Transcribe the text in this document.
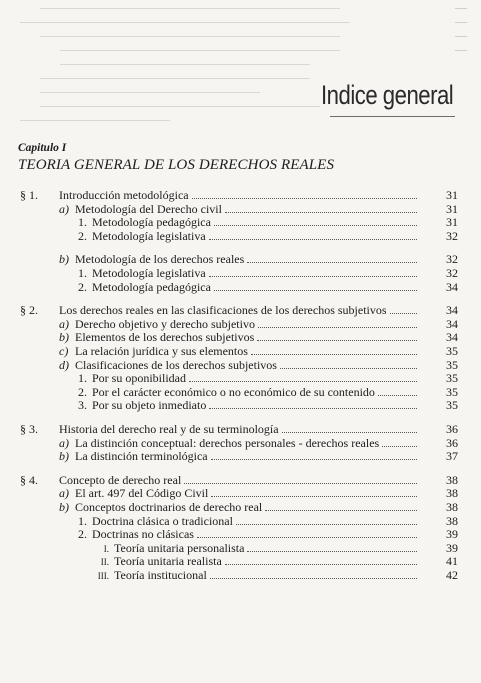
Indice general
Capitulo I
TEORIA GENERAL DE LOS DERECHOS REALES
§ 1. Introducción metodológica	31
a) Metodología del Derecho civil	31
1. Metodología pedagógica	31
2. Metodología legislativa	32
b) Metodología de los derechos reales	32
1. Metodología legislativa	32
2. Metodología pedagógica	34
§ 2. Los derechos reales en las clasificaciones de los derechos subjetivos	34
a) Derecho objetivo y derecho subjetivo	34
b) Elementos de los derechos subjetivos	34
c) La relación jurídica y sus elementos	35
d) Clasificaciones de los derechos subjetivos	35
1. Por su oponibilidad	35
2. Por el carácter económico o no económico de su contenido	35
3. Por su objeto inmediato	35
§ 3. Historia del derecho real y de su terminología	36
a) La distinción conceptual: derechos personales - derechos reales	36
b) La distinción terminológica	37
§ 4. Concepto de derecho real	38
a) El art. 497 del Código Civil	38
b) Conceptos doctrinarios de derecho real	38
1. Doctrina clásica o tradicional	38
2. Doctrinas no clásicas	39
I. Teoría unitaria personalista	39
II. Teoría unitaria realista	41
III. Teoría institucional	42
